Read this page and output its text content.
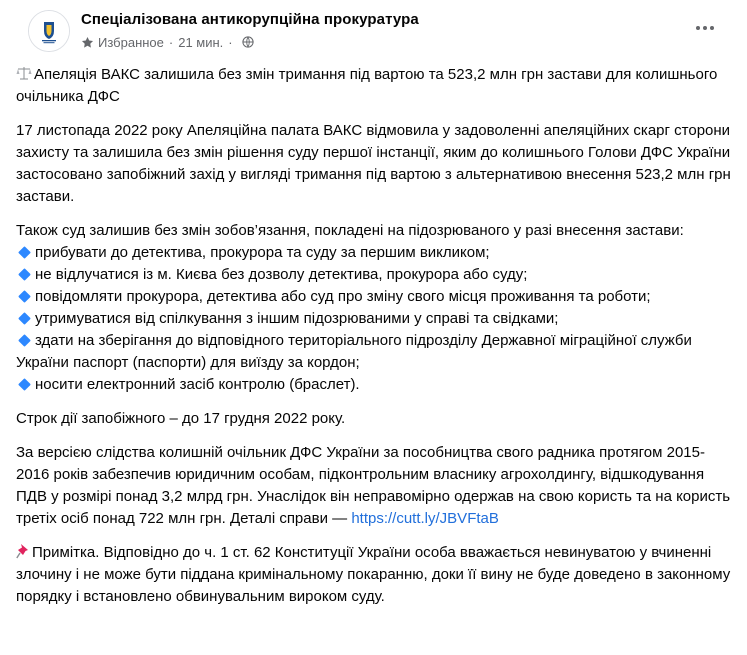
Спеціалізована антикорупційна прокуратура
Избранное · 21 мин. ·
Апеляція ВАКС залишила без змін тримання під вартою та 523,2 млн грн застави для колишнього очільника ДФС
17 листопада 2022 року Апеляційна палата ВАКС відмовила у задоволенні апеляційних скарг сторони захисту та залишила без змін рішення суду першої інстанції, яким до колишнього Голови ДФС України застосовано запобіжний захід у вигляді тримання під вартою з альтернативою внесення 523,2 млн грн застави.
Також суд залишив без змін зобов’язання, покладені на підозрюваного у разі внесення застави:
прибувати до детектива, прокурора та суду за першим викликом;
не відлучатися із м. Києва без дозволу детектива, прокурора або суду;
повідомляти прокурора, детектива або суд про зміну свого місця проживання та роботи;
утримуватися від спілкування з іншим підозрюваними у справі та свідками;
здати на зберігання до відповідного територіального підрозділу Державної міграційної служби України паспорт (паспорти) для виїзду за кордон;
носити електронний засіб контролю (браслет).
Строк дії запобіжного – до 17 грудня 2022 року.
За версією слідства колишній очільник ДФС України за пособництва свого радника протягом 2015-2016 років забезпечив юридичним особам, підконтрольним власнику агрохолдингу, відшкодування ПДВ у розмірі понад 3,2 млрд грн. Унаслідок він неправомірно одержав на свою користь та на користь третіх осіб понад 722 млн грн. Деталі справи — https://cutt.ly/JBVFtaB
Примітка. Відповідно до ч. 1 ст. 62 Конституції України особа вважається невинуватою у вчиненні злочину і не може бути піддана кримінальному покаранню, доки її вину не буде доведено в законному порядку і встановлено обвинувальним вироком суду.
